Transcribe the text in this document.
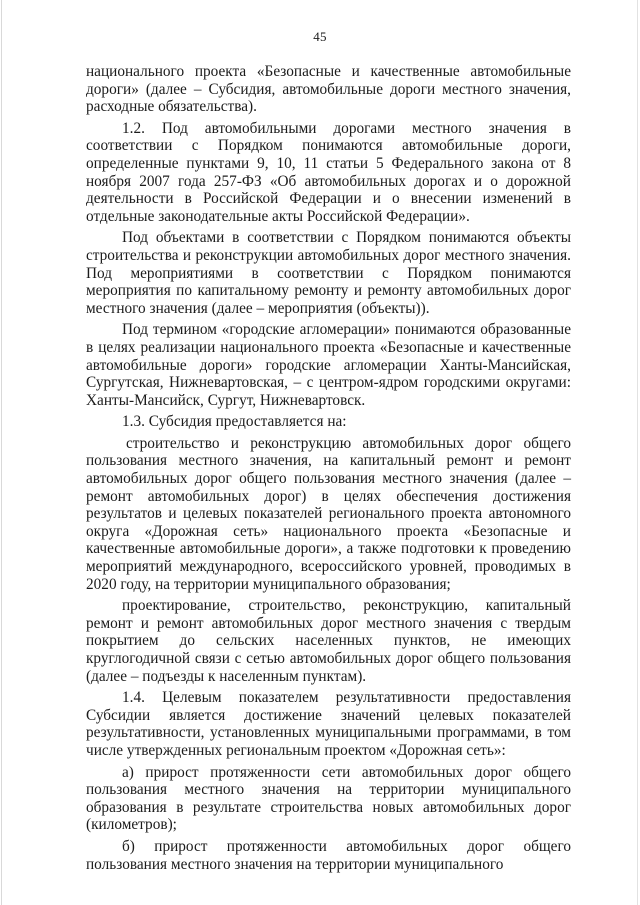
45

национального проекта «Безопасные и качественные автомобильные дороги» (далее – Субсидия, автомобильные дороги местного значения, расходные обязательства).

1.2. Под автомобильными дорогами местного значения в соответствии с Порядком понимаются автомобильные дороги, определенные пунктами 9, 10, 11 статьи 5 Федерального закона от 8 ноября 2007 года 257-ФЗ «Об автомобильных дорогах и о дорожной деятельности в Российской Федерации и о внесении изменений в отдельные законодательные акты Российской Федерации».

Под объектами в соответствии с Порядком понимаются объекты строительства и реконструкции автомобильных дорог местного значения. Под мероприятиями в соответствии с Порядком понимаются мероприятия по капитальному ремонту и ремонту автомобильных дорог местного значения (далее – мероприятия (объекты)).

Под термином «городские агломерации» понимаются образованные в целях реализации национального проекта «Безопасные и качественные автомобильные дороги» городские агломерации Ханты-Мансийская, Сургутская, Нижневартовская, – с центром-ядром городскими округами: Ханты-Мансийск, Сургут, Нижневартовск.

1.3. Субсидия предоставляется на:

строительство и реконструкцию автомобильных дорог общего пользования местного значения, на капитальный ремонт и ремонт автомобильных дорог общего пользования местного значения (далее – ремонт автомобильных дорог) в целях обеспечения достижения результатов и целевых показателей регионального проекта автономного округа «Дорожная сеть» национального проекта «Безопасные и качественные автомобильные дороги», а также подготовки к проведению мероприятий международного, всероссийского уровней, проводимых в 2020 году, на территории муниципального образования;

проектирование, строительство, реконструкцию, капитальный ремонт и ремонт автомобильных дорог местного значения с твердым покрытием до сельских населенных пунктов, не имеющих круглогодичной связи с сетью автомобильных дорог общего пользования (далее – подъезды к населенным пунктам).

1.4. Целевым показателем результативности предоставления Субсидии является достижение значений целевых показателей результативности, установленных муниципальными программами, в том числе утвержденных региональным проектом «Дорожная сеть»:

а) прирост протяженности сети автомобильных дорог общего пользования местного значения на территории муниципального образования в результате строительства новых автомобильных дорог (километров);

б) прирост протяженности автомобильных дорог общего пользования местного значения на территории муниципального
